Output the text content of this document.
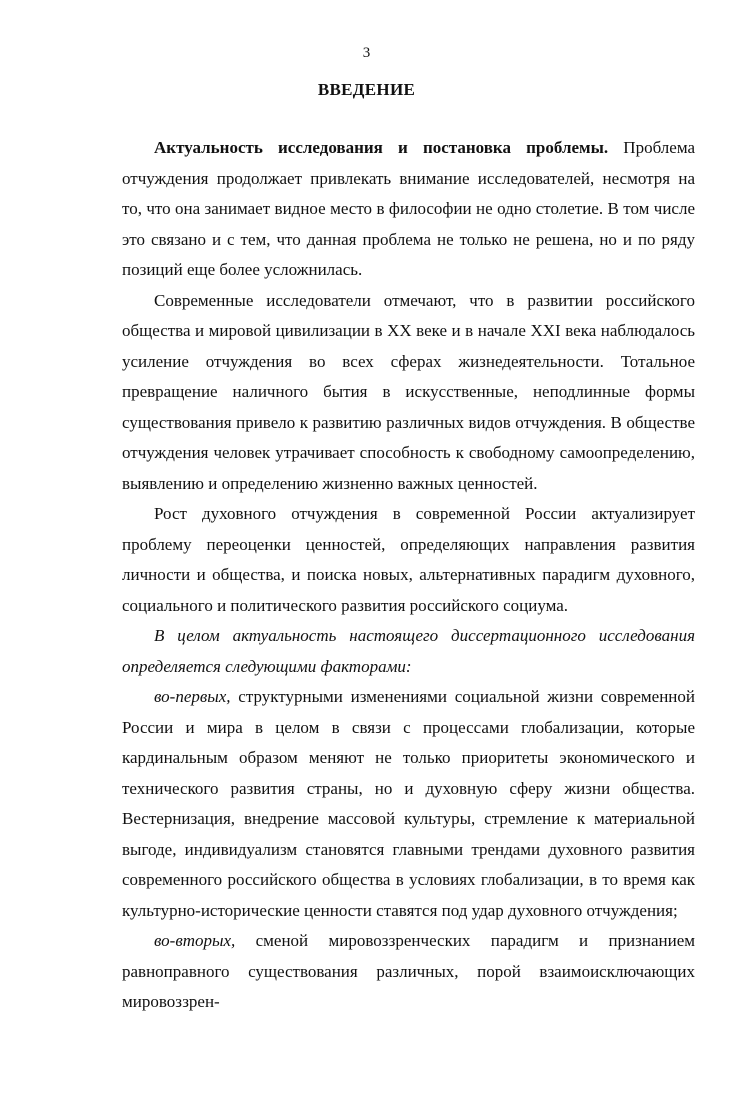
3
ВВЕДЕНИЕ

Актуальность исследования и постановка проблемы. Проблема отчуждения продолжает привлекать внимание исследователей, несмотря на то, что она занимает видное место в философии не одно столетие. В том числе это связано и с тем, что данная проблема не только не решена, но и по ряду позиций еще более усложнилась.

Современные исследователи отмечают, что в развитии российского общества и мировой цивилизации в XX веке и в начале XXI века наблюдалось усиление отчуждения во всех сферах жизнедеятельности. Тотальное превращение наличного бытия в искусственные, неподлинные формы существования привело к развитию различных видов отчуждения. В обществе отчуждения человек утрачивает способность к свободному самоопределению, выявлению и определению жизненно важных ценностей.

Рост духовного отчуждения в современной России актуализирует проблему переоценки ценностей, определяющих направления развития личности и общества, и поиска новых, альтернативных парадигм духовного, социального и политического развития российского социума.

В целом актуальность настоящего диссертационного исследования определяется следующими факторами:

во-первых, структурными изменениями социальной жизни современной России и мира в целом в связи с процессами глобализации, которые кардинальным образом меняют не только приоритеты экономического и технического развития страны, но и духовную сферу жизни общества. Вестернизация, внедрение массовой культуры, стремление к материальной выгоде, индивидуализм становятся главными трендами духовного развития современного российского общества в условиях глобализации, в то время как культурно-исторические ценности ставятся под удар духовного отчуждения;

во-вторых, сменой мировоззренческих парадигм и признанием равноправного существования различных, порой взаимоисключающих мировоззрен-
